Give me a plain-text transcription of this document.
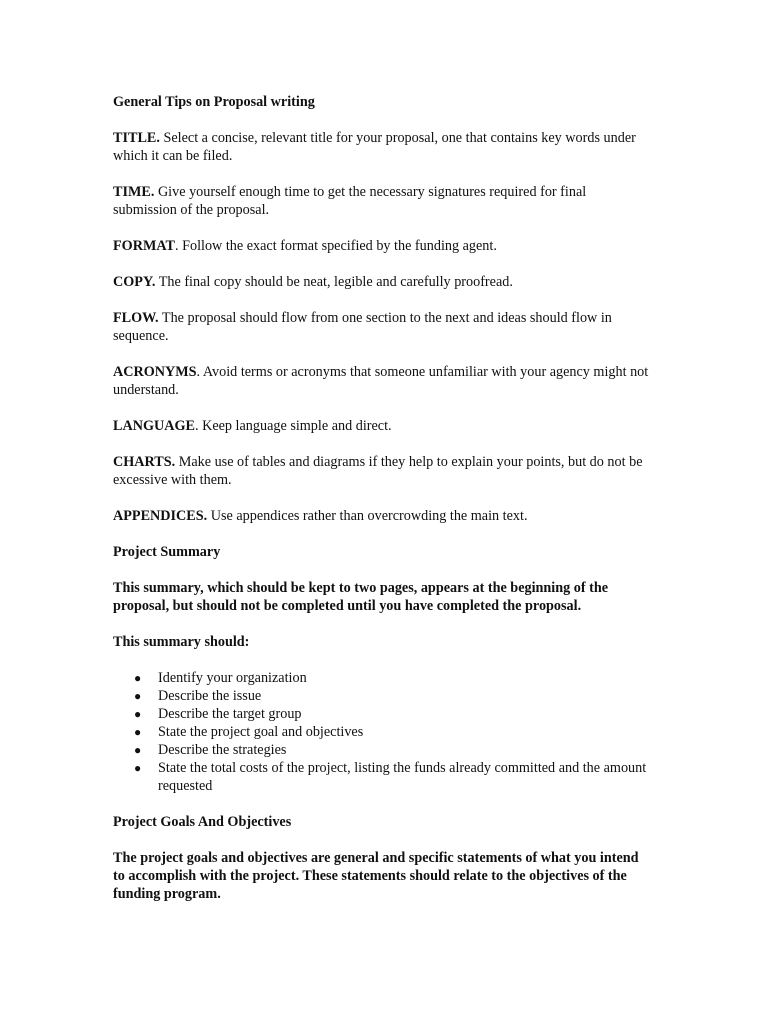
General Tips on Proposal writing

TITLE. Select a concise, relevant title for your proposal, one that contains key words under which it can be filed.

TIME. Give yourself enough time to get the necessary signatures required for final submission of the proposal.

FORMAT. Follow the exact format specified by the funding agent.

COPY. The final copy should be neat, legible and carefully proofread.

FLOW. The proposal should flow from one section to the next and ideas should flow in sequence.

ACRONYMS. Avoid terms or acronyms that someone unfamiliar with your agency might not understand.

LANGUAGE. Keep language simple and direct.

CHARTS. Make use of tables and diagrams if they help to explain your points, but do not be excessive with them.

APPENDICES. Use appendices rather than overcrowding the main text.

Project Summary

This summary, which should be kept to two pages, appears at the beginning of the proposal, but should not be completed until you have completed the proposal.

This summary should:

● Identify your organization
● Describe the issue
● Describe the target group
● State the project goal and objectives
● Describe the strategies
● State the total costs of the project, listing the funds already committed and the amount requested

Project Goals And Objectives

The project goals and objectives are general and specific statements of what you intend to accomplish with the project. These statements should relate to the objectives of the funding program.
